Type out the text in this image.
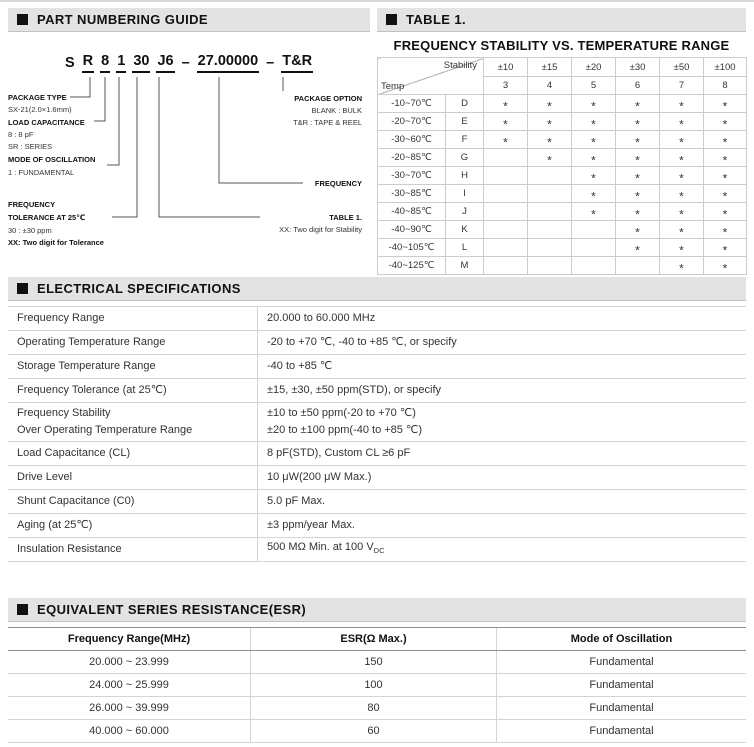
PART NUMBERING GUIDE	TABLE 1.
ELECTRICAL SPECIFICATIONS
EQUIVALENT SERIES RESISTANCE(ESR)
S R 8 1 30 J6 – 27.00000 – T&R
PACKAGE TYPE
SX-21(2.0×1.6mm)
LOAD CAPACITANCE
8 : 8 pF
SR : SERIES
MODE OF OSCILLATION
1 : FUNDAMENTAL
FREQUENCY
TOLERANCE AT 25℃
30 : ±30 ppm
XX: Two digit for Tolerance
PACKAGE OPTION
BLANK : BULK
T&R : TAPE & REEL
FREQUENCY
TABLE 1.
XX: Two digit for Stability
FREQUENCY STABILITY VS. TEMPERATURE RANGE
Stability
Temp		±10	±15	±20	±30	±50	±100
		3	4	5	6	7	8
-10~70℃	D	*	*	*	*	*	*
-20~70℃	E	*	*	*	*	*	*
-30~60℃	F	*	*	*	*	*	*
-20~85℃	G		*	*	*	*	*
-30~70℃	H			*	*	*	*
-30~85℃	I			*	*	*	*
-40~85℃	J			*	*	*	*
-40~90℃	K				*	*	*
-40~105℃	L				*	*	*
-40~125℃	M					*	*
Frequency Range	20.000 to 60.000 MHz
Operating Temperature Range	-20 to +70 ℃, -40 to +85 ℃, or specify
Storage Temperature Range	-40 to +85 ℃
Frequency Tolerance (at 25℃)	±15, ±30, ±50 ppm(STD), or specify
Frequency Stability
Over Operating Temperature Range
±10 to ±50 ppm(-20 to +70 ℃)
±20 to ±100 ppm(-40 to +85 ℃)
Load Capacitance (CL)	8 pF(STD), Custom CL ≥6 pF
Drive Level	10 μW(200 μW Max.)
Shunt Capacitance (C0)	5.0 pF Max.
Aging (at 25℃)	±3 ppm/year Max.
Insulation Resistance	500 MΩ Min. at 100 $V_{DC}$
Frequency Range(MHz)	ESR(Ω Max.)	Mode of Oscillation
20.000 ~ 23.999	150	Fundamental
24.000 ~ 25.999	100	Fundamental
26.000 ~ 39.999	80	Fundamental
40.000 ~ 60.000	60	Fundamental
